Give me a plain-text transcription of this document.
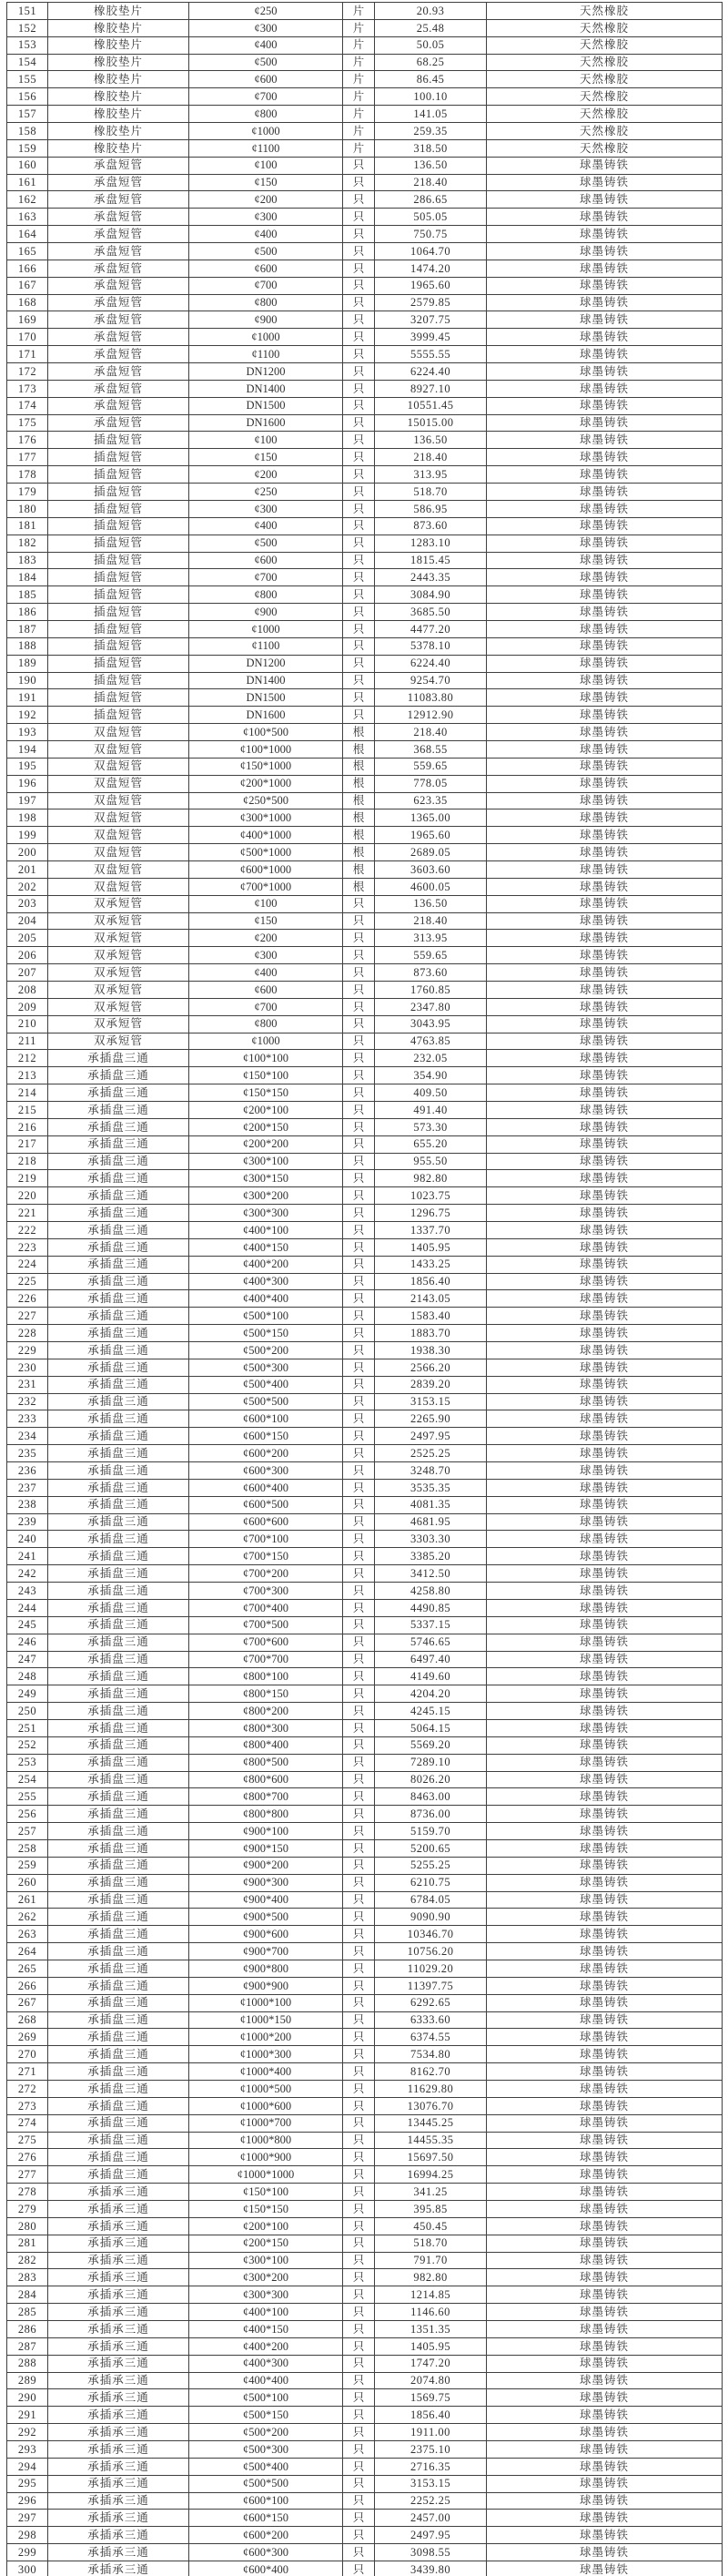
151	橡胶垫片	¢250	片	20.93	天然橡胶
152	橡胶垫片	¢300	片	25.48	天然橡胶
153	橡胶垫片	¢400	片	50.05	天然橡胶
154	橡胶垫片	¢500	片	68.25	天然橡胶
155	橡胶垫片	¢600	片	86.45	天然橡胶
156	橡胶垫片	¢700	片	100.10	天然橡胶
157	橡胶垫片	¢800	片	141.05	天然橡胶
158	橡胶垫片	¢1000	片	259.35	天然橡胶
159	橡胶垫片	¢1100	片	318.50	天然橡胶
160	承盘短管	¢100	只	136.50	球墨铸铁
161	承盘短管	¢150	只	218.40	球墨铸铁
162	承盘短管	¢200	只	286.65	球墨铸铁
163	承盘短管	¢300	只	505.05	球墨铸铁
164	承盘短管	¢400	只	750.75	球墨铸铁
165	承盘短管	¢500	只	1064.70	球墨铸铁
166	承盘短管	¢600	只	1474.20	球墨铸铁
167	承盘短管	¢700	只	1965.60	球墨铸铁
168	承盘短管	¢800	只	2579.85	球墨铸铁
169	承盘短管	¢900	只	3207.75	球墨铸铁
170	承盘短管	¢1000	只	3999.45	球墨铸铁
171	承盘短管	¢1100	只	5555.55	球墨铸铁
172	承盘短管	DN1200	只	6224.40	球墨铸铁
173	承盘短管	DN1400	只	8927.10	球墨铸铁
174	承盘短管	DN1500	只	10551.45	球墨铸铁
175	承盘短管	DN1600	只	15015.00	球墨铸铁
176	插盘短管	¢100	只	136.50	球墨铸铁
177	插盘短管	¢150	只	218.40	球墨铸铁
178	插盘短管	¢200	只	313.95	球墨铸铁
179	插盘短管	¢250	只	518.70	球墨铸铁
180	插盘短管	¢300	只	586.95	球墨铸铁
181	插盘短管	¢400	只	873.60	球墨铸铁
182	插盘短管	¢500	只	1283.10	球墨铸铁
183	插盘短管	¢600	只	1815.45	球墨铸铁
184	插盘短管	¢700	只	2443.35	球墨铸铁
185	插盘短管	¢800	只	3084.90	球墨铸铁
186	插盘短管	¢900	只	3685.50	球墨铸铁
187	插盘短管	¢1000	只	4477.20	球墨铸铁
188	插盘短管	¢1100	只	5378.10	球墨铸铁
189	插盘短管	DN1200	只	6224.40	球墨铸铁
190	插盘短管	DN1400	只	9254.70	球墨铸铁
191	插盘短管	DN1500	只	11083.80	球墨铸铁
192	插盘短管	DN1600	只	12912.90	球墨铸铁
193	双盘短管	¢100*500	根	218.40	球墨铸铁
194	双盘短管	¢100*1000	根	368.55	球墨铸铁
195	双盘短管	¢150*1000	根	559.65	球墨铸铁
196	双盘短管	¢200*1000	根	778.05	球墨铸铁
197	双盘短管	¢250*500	根	623.35	球墨铸铁
198	双盘短管	¢300*1000	根	1365.00	球墨铸铁
199	双盘短管	¢400*1000	根	1965.60	球墨铸铁
200	双盘短管	¢500*1000	根	2689.05	球墨铸铁
201	双盘短管	¢600*1000	根	3603.60	球墨铸铁
202	双盘短管	¢700*1000	根	4600.05	球墨铸铁
203	双承短管	¢100	只	136.50	球墨铸铁
204	双承短管	¢150	只	218.40	球墨铸铁
205	双承短管	¢200	只	313.95	球墨铸铁
206	双承短管	¢300	只	559.65	球墨铸铁
207	双承短管	¢400	只	873.60	球墨铸铁
208	双承短管	¢600	只	1760.85	球墨铸铁
209	双承短管	¢700	只	2347.80	球墨铸铁
210	双承短管	¢800	只	3043.95	球墨铸铁
211	双承短管	¢1000	只	4763.85	球墨铸铁
212	承插盘三通	¢100*100	只	232.05	球墨铸铁
213	承插盘三通	¢150*100	只	354.90	球墨铸铁
214	承插盘三通	¢150*150	只	409.50	球墨铸铁
215	承插盘三通	¢200*100	只	491.40	球墨铸铁
216	承插盘三通	¢200*150	只	573.30	球墨铸铁
217	承插盘三通	¢200*200	只	655.20	球墨铸铁
218	承插盘三通	¢300*100	只	955.50	球墨铸铁
219	承插盘三通	¢300*150	只	982.80	球墨铸铁
220	承插盘三通	¢300*200	只	1023.75	球墨铸铁
221	承插盘三通	¢300*300	只	1296.75	球墨铸铁
222	承插盘三通	¢400*100	只	1337.70	球墨铸铁
223	承插盘三通	¢400*150	只	1405.95	球墨铸铁
224	承插盘三通	¢400*200	只	1433.25	球墨铸铁
225	承插盘三通	¢400*300	只	1856.40	球墨铸铁
226	承插盘三通	¢400*400	只	2143.05	球墨铸铁
227	承插盘三通	¢500*100	只	1583.40	球墨铸铁
228	承插盘三通	¢500*150	只	1883.70	球墨铸铁
229	承插盘三通	¢500*200	只	1938.30	球墨铸铁
230	承插盘三通	¢500*300	只	2566.20	球墨铸铁
231	承插盘三通	¢500*400	只	2839.20	球墨铸铁
232	承插盘三通	¢500*500	只	3153.15	球墨铸铁
233	承插盘三通	¢600*100	只	2265.90	球墨铸铁
234	承插盘三通	¢600*150	只	2497.95	球墨铸铁
235	承插盘三通	¢600*200	只	2525.25	球墨铸铁
236	承插盘三通	¢600*300	只	3248.70	球墨铸铁
237	承插盘三通	¢600*400	只	3535.35	球墨铸铁
238	承插盘三通	¢600*500	只	4081.35	球墨铸铁
239	承插盘三通	¢600*600	只	4681.95	球墨铸铁
240	承插盘三通	¢700*100	只	3303.30	球墨铸铁
241	承插盘三通	¢700*150	只	3385.20	球墨铸铁
242	承插盘三通	¢700*200	只	3412.50	球墨铸铁
243	承插盘三通	¢700*300	只	4258.80	球墨铸铁
244	承插盘三通	¢700*400	只	4490.85	球墨铸铁
245	承插盘三通	¢700*500	只	5337.15	球墨铸铁
246	承插盘三通	¢700*600	只	5746.65	球墨铸铁
247	承插盘三通	¢700*700	只	6497.40	球墨铸铁
248	承插盘三通	¢800*100	只	4149.60	球墨铸铁
249	承插盘三通	¢800*150	只	4204.20	球墨铸铁
250	承插盘三通	¢800*200	只	4245.15	球墨铸铁
251	承插盘三通	¢800*300	只	5064.15	球墨铸铁
252	承插盘三通	¢800*400	只	5569.20	球墨铸铁
253	承插盘三通	¢800*500	只	7289.10	球墨铸铁
254	承插盘三通	¢800*600	只	8026.20	球墨铸铁
255	承插盘三通	¢800*700	只	8463.00	球墨铸铁
256	承插盘三通	¢800*800	只	8736.00	球墨铸铁
257	承插盘三通	¢900*100	只	5159.70	球墨铸铁
258	承插盘三通	¢900*150	只	5200.65	球墨铸铁
259	承插盘三通	¢900*200	只	5255.25	球墨铸铁
260	承插盘三通	¢900*300	只	6210.75	球墨铸铁
261	承插盘三通	¢900*400	只	6784.05	球墨铸铁
262	承插盘三通	¢900*500	只	9090.90	球墨铸铁
263	承插盘三通	¢900*600	只	10346.70	球墨铸铁
264	承插盘三通	¢900*700	只	10756.20	球墨铸铁
265	承插盘三通	¢900*800	只	11029.20	球墨铸铁
266	承插盘三通	¢900*900	只	11397.75	球墨铸铁
267	承插盘三通	¢1000*100	只	6292.65	球墨铸铁
268	承插盘三通	¢1000*150	只	6333.60	球墨铸铁
269	承插盘三通	¢1000*200	只	6374.55	球墨铸铁
270	承插盘三通	¢1000*300	只	7534.80	球墨铸铁
271	承插盘三通	¢1000*400	只	8162.70	球墨铸铁
272	承插盘三通	¢1000*500	只	11629.80	球墨铸铁
273	承插盘三通	¢1000*600	只	13076.70	球墨铸铁
274	承插盘三通	¢1000*700	只	13445.25	球墨铸铁
275	承插盘三通	¢1000*800	只	14455.35	球墨铸铁
276	承插盘三通	¢1000*900	只	15697.50	球墨铸铁
277	承插盘三通	¢1000*1000	只	16994.25	球墨铸铁
278	承插承三通	¢150*100	只	341.25	球墨铸铁
279	承插承三通	¢150*150	只	395.85	球墨铸铁
280	承插承三通	¢200*100	只	450.45	球墨铸铁
281	承插承三通	¢200*150	只	518.70	球墨铸铁
282	承插承三通	¢300*100	只	791.70	球墨铸铁
283	承插承三通	¢300*200	只	982.80	球墨铸铁
284	承插承三通	¢300*300	只	1214.85	球墨铸铁
285	承插承三通	¢400*100	只	1146.60	球墨铸铁
286	承插承三通	¢400*150	只	1351.35	球墨铸铁
287	承插承三通	¢400*200	只	1405.95	球墨铸铁
288	承插承三通	¢400*300	只	1747.20	球墨铸铁
289	承插承三通	¢400*400	只	2074.80	球墨铸铁
290	承插承三通	¢500*100	只	1569.75	球墨铸铁
291	承插承三通	¢500*150	只	1856.40	球墨铸铁
292	承插承三通	¢500*200	只	1911.00	球墨铸铁
293	承插承三通	¢500*300	只	2375.10	球墨铸铁
294	承插承三通	¢500*400	只	2716.35	球墨铸铁
295	承插承三通	¢500*500	只	3153.15	球墨铸铁
296	承插承三通	¢600*100	只	2252.25	球墨铸铁
297	承插承三通	¢600*150	只	2457.00	球墨铸铁
298	承插承三通	¢600*200	只	2497.95	球墨铸铁
299	承插承三通	¢600*300	只	3098.55	球墨铸铁
300	承插承三通	¢600*400	只	3439.80	球墨铸铁
